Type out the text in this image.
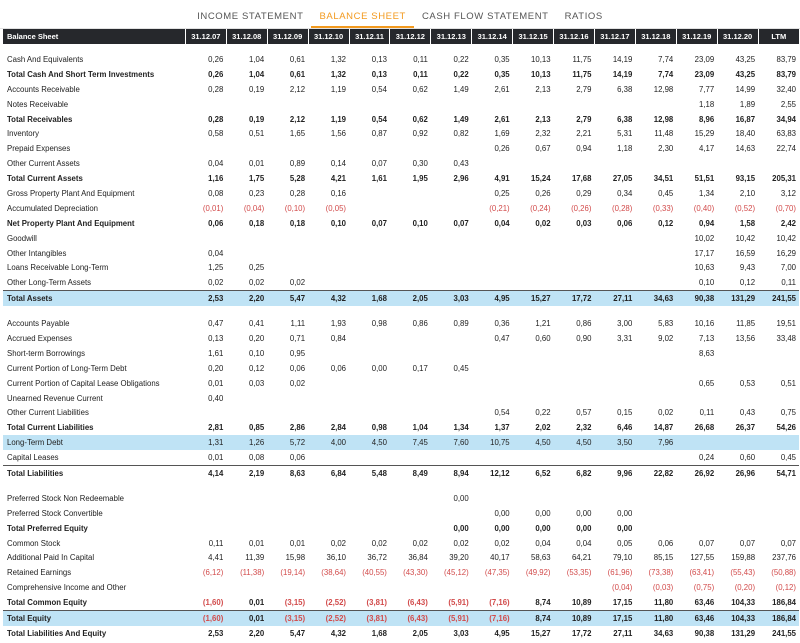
INCOME STATEMENT	BALANCE SHEET	CASH FLOW STATEMENT	RATIOS
Balance Sheet	31.12.07	31.12.08	31.12.09	31.12.10	31.12.11	31.12.12	31.12.13	31.12.14	31.12.15	31.12.16	31.12.17	31.12.18	31.12.19	31.12.20	LTM

Cash And Equivalents	0,26	1,04	0,61	1,32	0,13	0,11	0,22	0,35	10,13	11,75	14,19	7,74	23,09	43,25	83,79
Total Cash And Short Term Investments	0,26	1,04	0,61	1,32	0,13	0,11	0,22	0,35	10,13	11,75	14,19	7,74	23,09	43,25	83,79
Accounts Receivable	0,28	0,19	2,12	1,19	0,54	0,62	1,49	2,61	2,13	2,79	6,38	12,98	7,77	14,99	32,40
Notes Receivable													1,18	1,89	2,55
Total Receivables	0,28	0,19	2,12	1,19	0,54	0,62	1,49	2,61	2,13	2,79	6,38	12,98	8,96	16,87	34,94
Inventory	0,58	0,51	1,65	1,56	0,87	0,92	0,82	1,69	2,32	2,21	5,31	11,48	15,29	18,40	63,83
Prepaid Expenses								0,26	0,67	0,94	1,18	2,30	4,17	14,63	22,74
Other Current Assets	0,04	0,01	0,89	0,14	0,07	0,30	0,43								
Total Current Assets	1,16	1,75	5,28	4,21	1,61	1,95	2,96	4,91	15,24	17,68	27,05	34,51	51,51	93,15	205,31
Gross Property Plant And Equipment	0,08	0,23	0,28	0,16				0,25	0,26	0,29	0,34	0,45	1,34	2,10	3,12
Accumulated Depreciation	(0,01)	(0,04)	(0,10)	(0,05)				(0,21)	(0,24)	(0,26)	(0,28)	(0,33)	(0,40)	(0,52)	(0,70)
Net Property Plant And Equipment	0,06	0,18	0,18	0,10	0,07	0,10	0,07	0,04	0,02	0,03	0,06	0,12	0,94	1,58	2,42
Goodwill													10,02	10,42	10,42
Other Intangibles	0,04												17,17	16,59	16,29
Loans Receivable Long-Term	1,25	0,25											10,63	9,43	7,00
Other Long-Term Assets	0,02	0,02	0,02										0,10	0,12	0,11
Total Assets	2,53	2,20	5,47	4,32	1,68	2,05	3,03	4,95	15,27	17,72	27,11	34,63	90,38	131,29	241,55

Accounts Payable	0,47	0,41	1,11	1,93	0,98	0,86	0,89	0,36	1,21	0,86	3,00	5,83	10,16	11,85	19,51
Accrued Expenses	0,13	0,20	0,71	0,84				0,47	0,60	0,90	3,31	9,02	7,13	13,56	33,48
Short-term Borrowings	1,61	0,10	0,95										8,63		
Current Portion of Long-Term Debt	0,20	0,12	0,06	0,06	0,00	0,17	0,45								
Current Portion of Capital Lease Obligations	0,01	0,03	0,02										0,65	0,53	0,51
Unearned Revenue Current	0,40														
Other Current Liabilities								0,54	0,22	0,57	0,15	0,02	0,11	0,43	0,75
Total Current Liabilities	2,81	0,85	2,86	2,84	0,98	1,04	1,34	1,37	2,02	2,32	6,46	14,87	26,68	26,37	54,26
Long-Term Debt	1,31	1,26	5,72	4,00	4,50	7,45	7,60	10,75	4,50	4,50	3,50	7,96			
Capital Leases	0,01	0,08	0,06										0,24	0,60	0,45
Total Liabilities	4,14	2,19	8,63	6,84	5,48	8,49	8,94	12,12	6,52	6,82	9,96	22,82	26,92	26,96	54,71

Preferred Stock Non Redeemable							0,00								
Preferred Stock Convertible								0,00	0,00	0,00	0,00				
Total Preferred Equity							0,00	0,00	0,00	0,00	0,00				
Common Stock	0,11	0,01	0,01	0,02	0,02	0,02	0,02	0,02	0,04	0,04	0,05	0,06	0,07	0,07	0,07
Additional Paid In Capital	4,41	11,39	15,98	36,10	36,72	36,84	39,20	40,17	58,63	64,21	79,10	85,15	127,55	159,88	237,76
Retained Earnings	(6,12)	(11,38)	(19,14)	(38,64)	(40,55)	(43,30)	(45,12)	(47,35)	(49,92)	(53,35)	(61,96)	(73,38)	(63,41)	(55,43)	(50,88)
Comprehensive Income and Other											(0,04)	(0,03)	(0,75)	(0,20)	(0,12)
Total Common Equity	(1,60)	0,01	(3,15)	(2,52)	(3,81)	(6,43)	(5,91)	(7,16)	8,74	10,89	17,15	11,80	63,46	104,33	186,84
Total Equity	(1,60)	0,01	(3,15)	(2,52)	(3,81)	(6,43)	(5,91)	(7,16)	8,74	10,89	17,15	11,80	63,46	104,33	186,84
Total Liabilities And Equity	2,53	2,20	5,47	4,32	1,68	2,05	3,03	4,95	15,27	17,72	27,11	34,63	90,38	131,29	241,55
